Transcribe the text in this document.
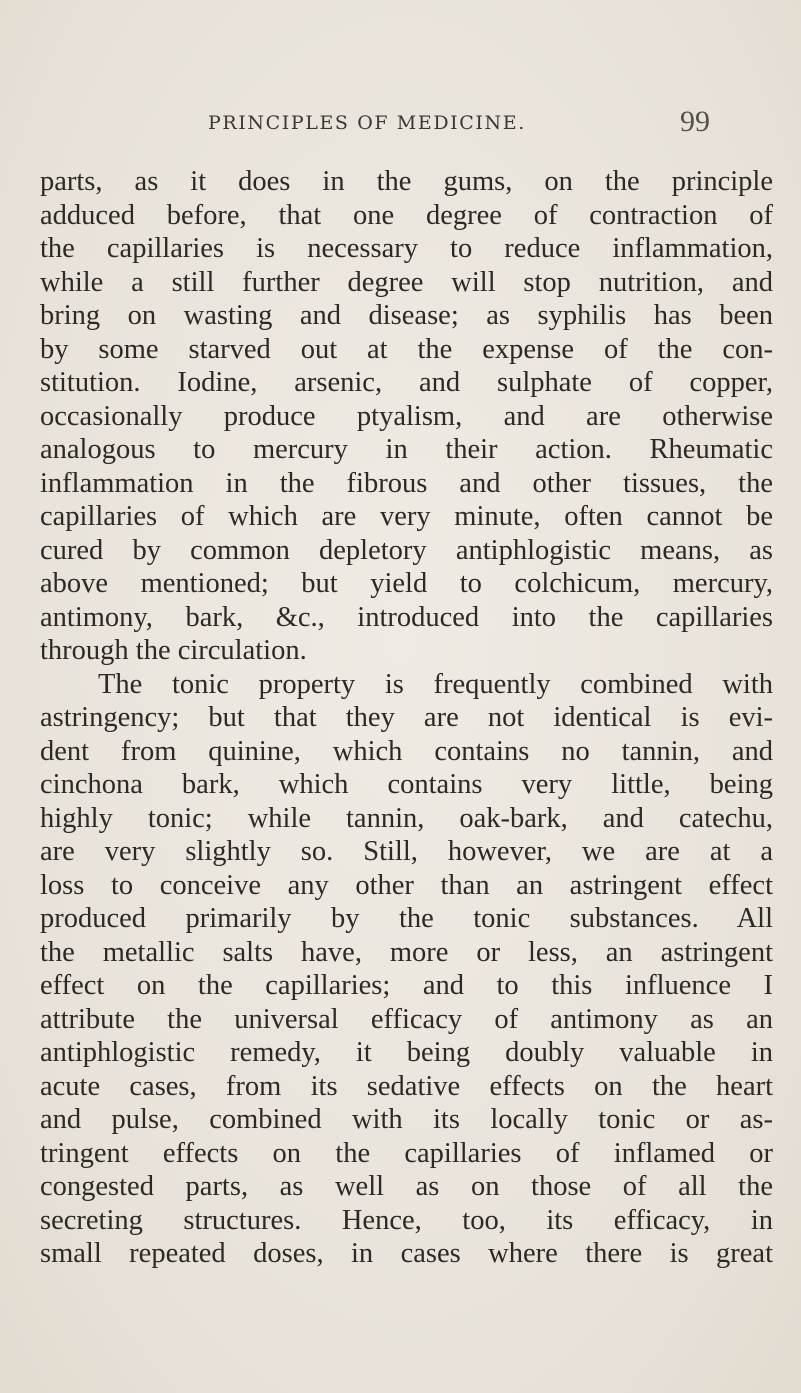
PRINCIPLES OF MEDICINE.	99
parts, as it does in the gums, on the principle
adduced before, that one degree of contraction of
the capillaries is necessary to reduce inflammation,
while a still further degree will stop nutrition, and
bring on wasting and disease; as syphilis has been
by some starved out at the expense of the con-
stitution. Iodine, arsenic, and sulphate of copper,
occasionally produce ptyalism, and are otherwise
analogous to mercury in their action. Rheumatic
inflammation in the fibrous and other tissues, the
capillaries of which are very minute, often cannot be
cured by common depletory antiphlogistic means, as
above mentioned; but yield to colchicum, mercury,
antimony, bark, &c., introduced into the capillaries
through the circulation.
The tonic property is frequently combined with
astringency; but that they are not identical is evi-
dent from quinine, which contains no tannin, and
cinchona bark, which contains very little, being
highly tonic; while tannin, oak-bark, and catechu,
are very slightly so. Still, however, we are at a
loss to conceive any other than an astringent effect
produced primarily by the tonic substances. All
the metallic salts have, more or less, an astringent
effect on the capillaries; and to this influence I
attribute the universal efficacy of antimony as an
antiphlogistic remedy, it being doubly valuable in
acute cases, from its sedative effects on the heart
and pulse, combined with its locally tonic or as-
tringent effects on the capillaries of inflamed or
congested parts, as well as on those of all the
secreting structures. Hence, too, its efficacy, in
small repeated doses, in cases where there is great
